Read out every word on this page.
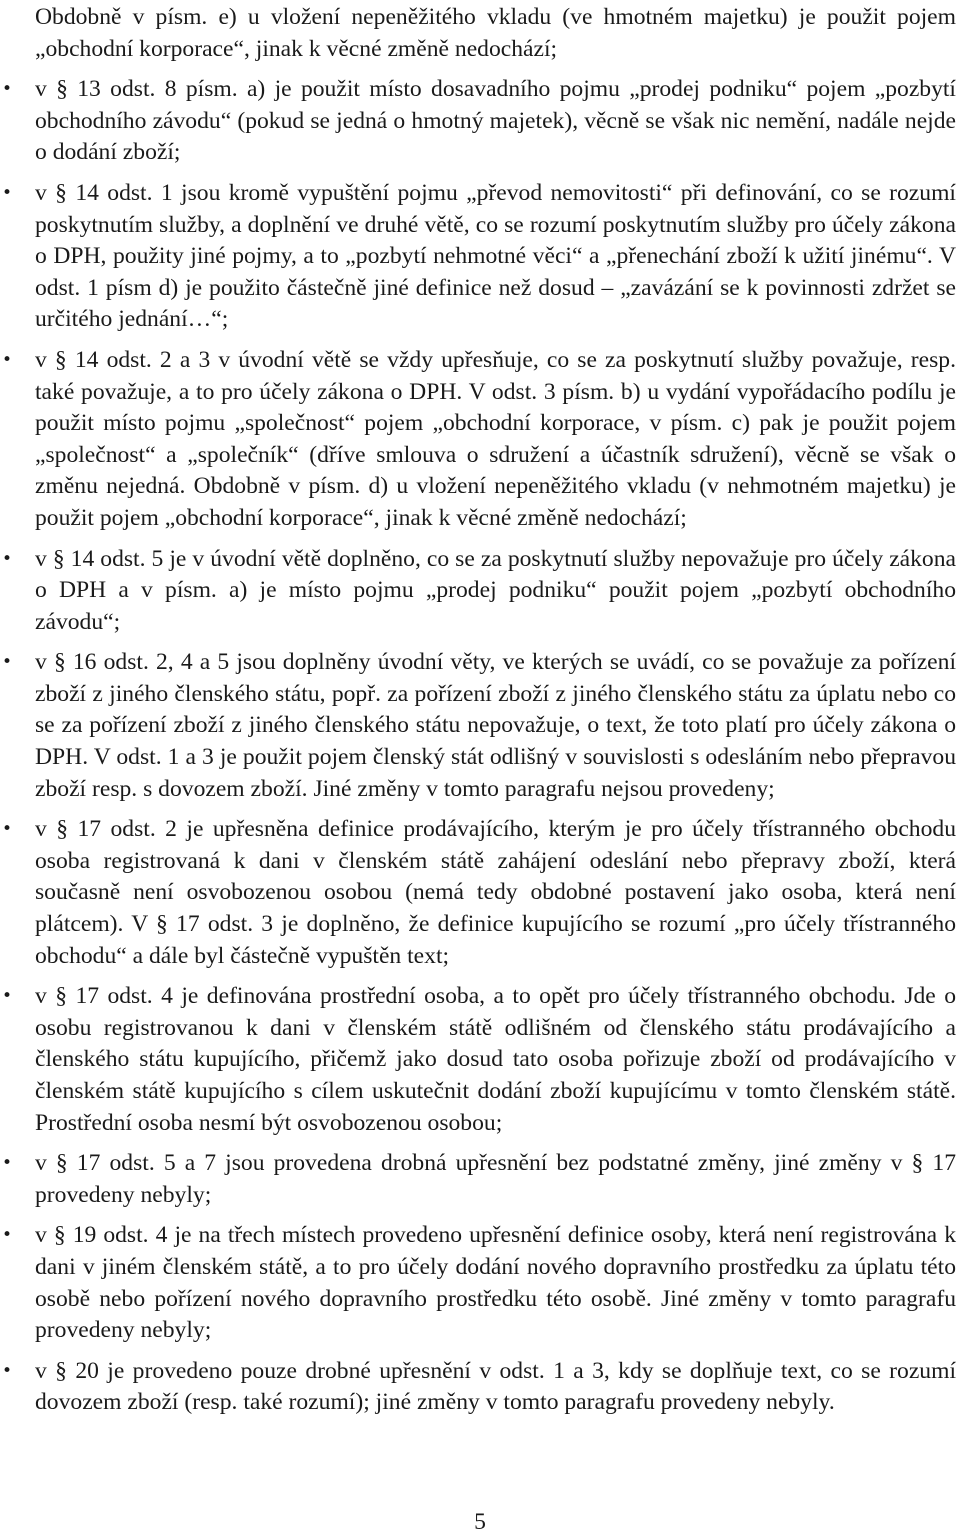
Obdobně v písm. e) u vložení nepeněžitého vkladu (ve hmotném majetku) je použit pojem „obchodní korporace“, jinak k věcné změně nedochází;

• v § 13 odst. 8 písm. a) je použit místo dosavadního pojmu „prodej podniku“ pojem „pozbytí obchodního závodu“ (pokud se jedná o hmotný majetek), věcně se však nic nemění, nadále nejde o dodání zboží;
• v § 14 odst. 1 jsou kromě vypuštění pojmu „převod nemovitosti“ při definování, co se rozumí poskytnutím služby, a doplnění ve druhé větě, co se rozumí poskytnutím služby pro účely zákona o DPH, použity jiné pojmy, a to „pozbytí nehmotné věci“ a „přenechání zboží k užití jinému“. V odst. 1 písm d) je použito částečně jiné definice než dosud – „zavázání se k povinnosti zdržet se určitého jednání…“;
• v § 14 odst. 2 a 3 v úvodní větě se vždy upřesňuje, co se za poskytnutí služby považuje, resp. také považuje, a to pro účely zákona o DPH. V odst. 3 písm. b) u vydání vypořádacího podílu je použit místo pojmu „společnost“ pojem „obchodní korporace, v písm. c) pak je použit pojem „společnost“ a „společník“ (dříve smlouva o sdružení a účastník sdružení), věcně se však o změnu nejedná. Obdobně v písm. d) u vložení nepeněžitého vkladu (v nehmotném majetku) je použit pojem „obchodní korporace“, jinak k věcné změně nedochází;
• v § 14 odst. 5 je v úvodní větě doplněno, co se za poskytnutí služby nepovažuje pro účely zákona o DPH a v písm. a) je místo pojmu „prodej podniku“ použit pojem „pozbytí obchodního závodu“;
• v § 16 odst. 2, 4 a 5 jsou doplněny úvodní věty, ve kterých se uvádí, co se považuje za pořízení zboží z jiného členského státu, popř. za pořízení zboží z jiného členského státu za úplatu nebo co se za pořízení zboží z jiného členského státu nepovažuje, o text, že toto platí pro účely zákona o DPH. V odst. 1 a 3 je použit pojem členský stát odlišný v souvislosti s odesláním nebo přepravou zboží resp. s dovozem zboží. Jiné změny v tomto paragrafu nejsou provedeny;
• v § 17 odst. 2 je upřesněna definice prodávajícího, kterým je pro účely třístranného obchodu osoba registrovaná k dani v členském státě zahájení odeslání nebo přepravy zboží, která současně není osvobozenou osobou (nemá tedy obdobné postavení jako osoba, která není plátcem). V § 17 odst. 3 je doplněno, že definice kupujícího se rozumí „pro účely třístranného obchodu“ a dále byl částečně vypuštěn text;
• v § 17 odst. 4 je definována prostřední osoba, a to opět pro účely třístranného obchodu. Jde o osobu registrovanou k dani v členském státě odlišném od členského státu prodávajícího a členského státu kupujícího, přičemž jako dosud tato osoba pořizuje zboží od prodávajícího v členském státě kupujícího s cílem uskutečnit dodání zboží kupujícímu v tomto členském státě. Prostřední osoba nesmí být osvobozenou osobou;
• v § 17 odst. 5 a 7 jsou provedena drobná upřesnění bez podstatné změny, jiné změny v § 17 provedeny nebyly;
• v § 19 odst. 4 je na třech místech provedeno upřesnění definice osoby, která není registrována k dani v jiném členském státě, a to pro účely dodání nového dopravního prostředku za úplatu této osobě nebo pořízení nového dopravního prostředku této osobě. Jiné změny v tomto paragrafu provedeny nebyly;
• v § 20 je provedeno pouze drobné upřesnění v odst. 1 a 3, kdy se doplňuje text, co se rozumí dovozem zboží (resp. také rozumí); jiné změny v tomto paragrafu provedeny nebyly.
5
